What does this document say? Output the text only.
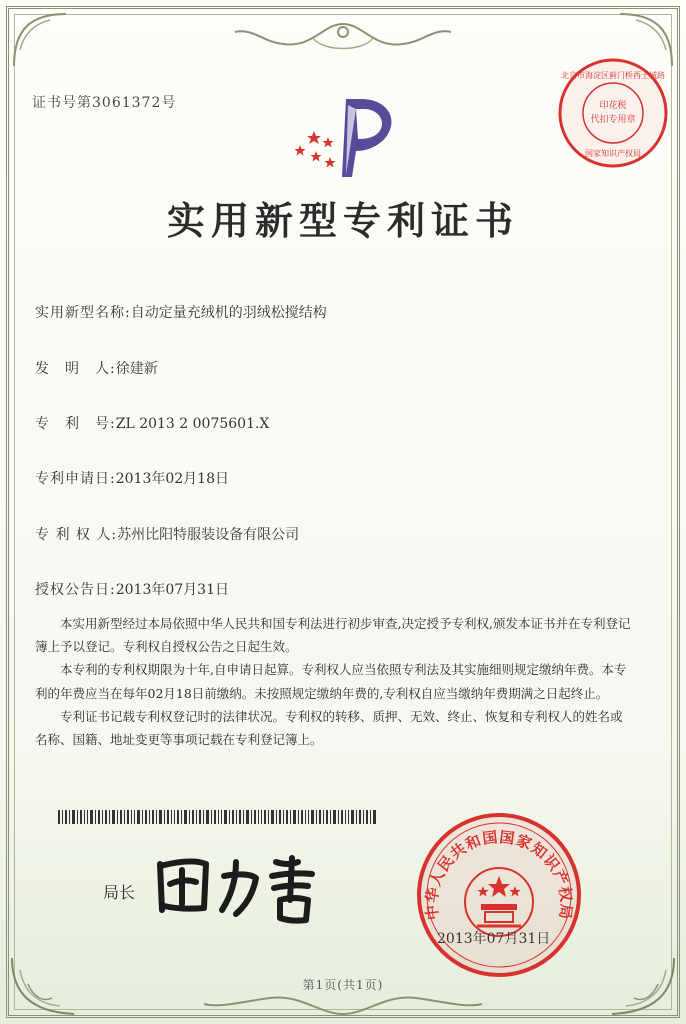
证书号第3061372号
实用新型专利证书
实用新型名称:自动定量充绒机的羽绒松搅结构
发　明　人:徐建新
专　利　号:ZL 2013 2 0075601.X
专利申请日:2013年02月18日
专 利 权 人:苏州比阳特服装设备有限公司
授权公告日:2013年07月31日

本实用新型经过本局依照中华人民共和国专利法进行初步审查,决定授予专利权,颁发本证书并在专利登记簿上予以登记。专利权自授权公告之日起生效。

本专利的专利权期限为十年,自申请日起算。专利权人应当依照专利法及其实施细则规定缴纳年费。本专利的年费应当在每年02月18日前缴纳。未按照规定缴纳年费的,专利权自应当缴纳年费期满之日起终止。

专利证书记载专利权登记时的法律状况。专利权的转移、质押、无效、终止、恢复和专利权人的姓名或名称、国籍、地址变更等事项记载在专利登记簿上。

局长
北京市海淀区蓟门桥西土城路
印花税
代扣专用章
国家知识产权局
中华人民共和国国家知识产权局
2013年07月31日
第1页(共1页)
